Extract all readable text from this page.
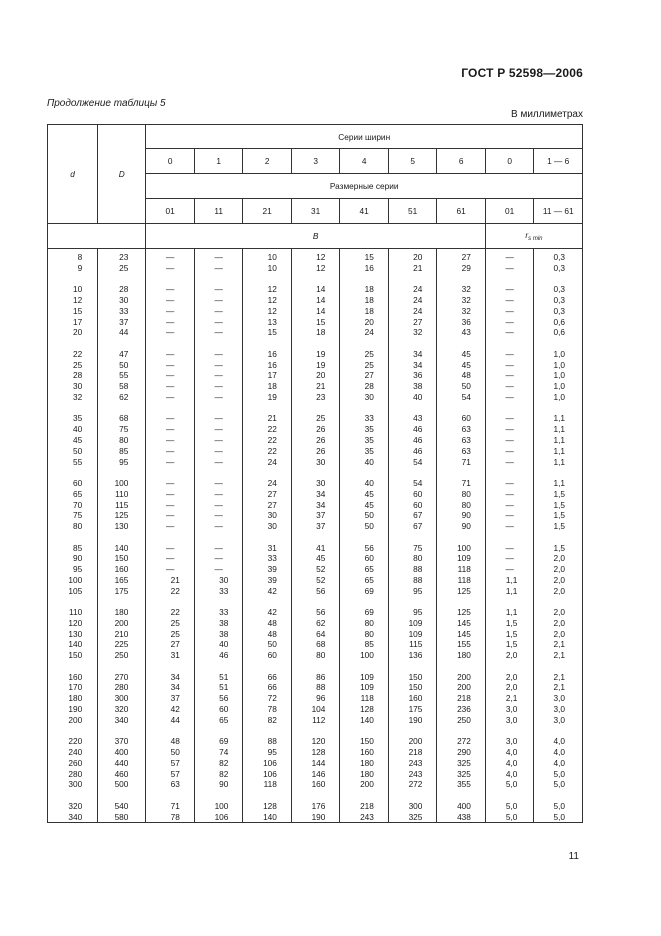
ГОСТ Р 52598—2006
Продолжение таблицы 5
В миллиметрах
d	D	Серии ширин								
		0	1	2	3	4	5	6	0	1 — 6
		Размерные серии								
		01	11	21	31	41	51	61	01	11 — 61
		B							$r_{s min}$
8	23	—	—	10	12	15	20	27	—	0,3
9	25	—	—	10	12	16	21	29	—	0,3
10	28	—	—	12	14	18	24	32	—	0,3
12	30	—	—	12	14	18	24	32	—	0,3
15	33	—	—	12	14	18	24	32	—	0,3
17	37	—	—	13	15	20	27	36	—	0,6
20	44	—	—	15	18	24	32	43	—	0,6
22	47	—	—	16	19	25	34	45	—	1,0
25	50	—	—	16	19	25	34	45	—	1,0
28	55	—	—	17	20	27	36	48	—	1,0
30	58	—	—	18	21	28	38	50	—	1,0
32	62	—	—	19	23	30	40	54	—	1,0
35	68	—	—	21	25	33	43	60	—	1,1
40	75	—	—	22	26	35	46	63	—	1,1
45	80	—	—	22	26	35	46	63	—	1,1
50	85	—	—	22	26	35	46	63	—	1,1
55	95	—	—	24	30	40	54	71	—	1,1
60	100	—	—	24	30	40	54	71	—	1,1
65	110	—	—	27	34	45	60	80	—	1,5
70	115	—	—	27	34	45	60	80	—	1,5
75	125	—	—	30	37	50	67	90	—	1,5
80	130	—	—	30	37	50	67	90	—	1,5
85	140	—	—	31	41	56	75	100	—	1,5
90	150	—	—	33	45	60	80	109	—	2,0
95	160	—	—	39	52	65	88	118	—	2,0
100	165	21	30	39	52	65	88	118	1,1	2,0
105	175	22	33	42	56	69	95	125	1,1	2,0
110	180	22	33	42	56	69	95	125	1,1	2,0
120	200	25	38	48	62	80	109	145	1,5	2,0
130	210	25	38	48	64	80	109	145	1,5	2,0
140	225	27	40	50	68	85	115	155	1,5	2,1
150	250	31	46	60	80	100	136	180	2,0	2,1
160	270	34	51	66	86	109	150	200	2,0	2,1
170	280	34	51	66	88	109	150	200	2,0	2,1
180	300	37	56	72	96	118	160	218	2,1	3,0
190	320	42	60	78	104	128	175	236	3,0	3,0
200	340	44	65	82	112	140	190	250	3,0	3,0
220	370	48	69	88	120	150	200	272	3,0	4,0
240	400	50	74	95	128	160	218	290	4,0	4,0
260	440	57	82	106	144	180	243	325	4,0	4,0
280	460	57	82	106	146	180	243	325	4,0	5,0
300	500	63	90	118	160	200	272	355	5,0	5,0
320	540	71	100	128	176	218	300	400	5,0	5,0
340	580	78	106	140	190	243	325	438	5,0	5,0
11
